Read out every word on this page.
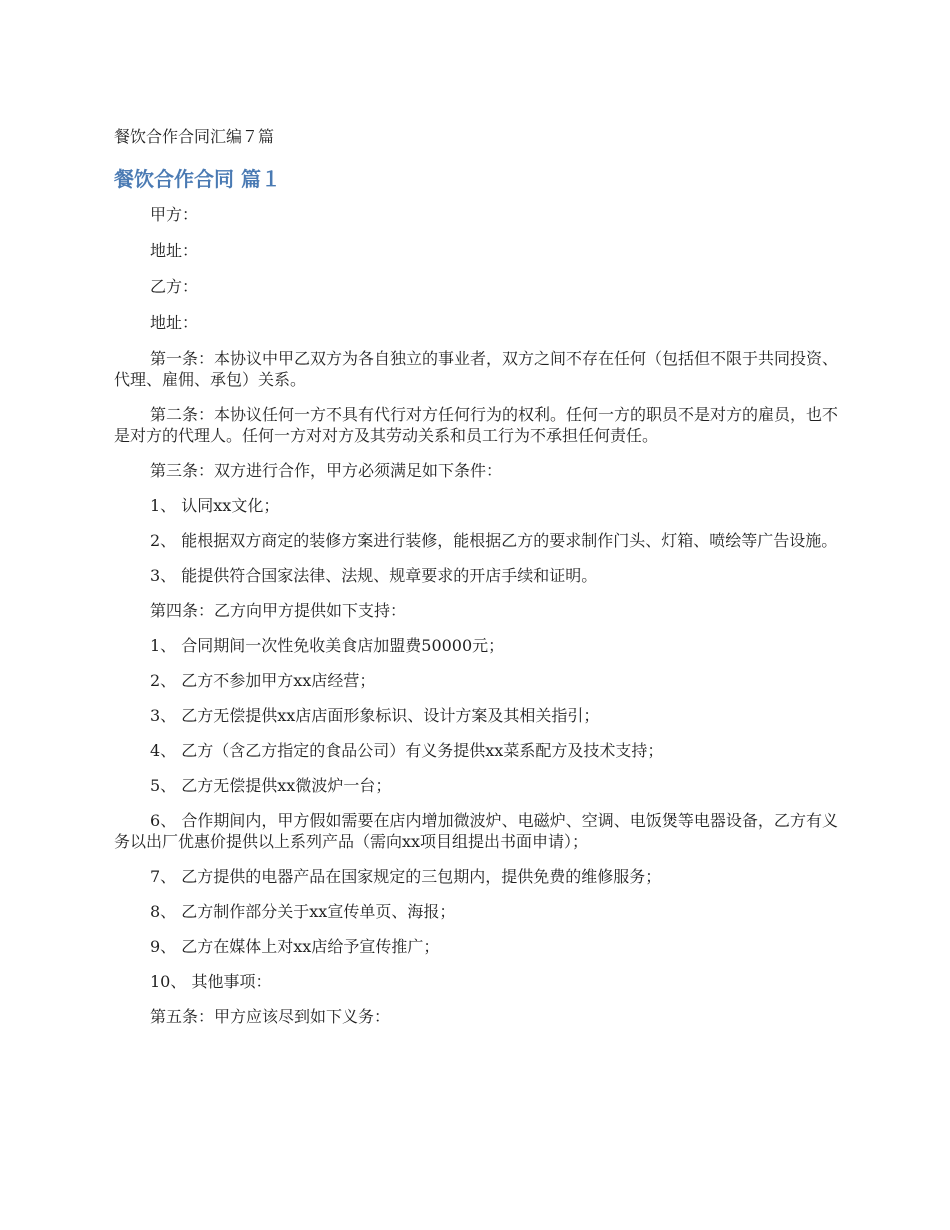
餐饮合作合同汇编７篇

餐饮合作合同 篇１

甲方：

地址：

乙方：

地址：

第一条：本协议中甲乙双方为各自独立的事业者，双方之间不存在任何（包括但不限于共同投资、代理、雇佣、承包）关系。

第二条：本协议任何一方不具有代行对方任何行为的权利。任何一方的职员不是对方的雇员，也不是对方的代理人。任何一方对对方及其劳动关系和员工行为不承担任何责任。

第三条：双方进行合作，甲方必须满足如下条件：

1、 认同xx文化；

2、 能根据双方商定的装修方案进行装修，能根据乙方的要求制作门头、灯箱、喷绘等广告设施。

3、 能提供符合国家法律、法规、规章要求的开店手续和证明。

第四条：乙方向甲方提供如下支持：

1、 合同期间一次性免收美食店加盟费50000元；

2、 乙方不参加甲方xx店经营；

3、 乙方无偿提供xx店店面形象标识、设计方案及其相关指引；

4、 乙方（含乙方指定的食品公司）有义务提供xx菜系配方及技术支持；

5、 乙方无偿提供xx微波炉一台；

6、 合作期间内，甲方假如需要在店内增加微波炉、电磁炉、空调、电饭煲等电器设备，乙方有义务以出厂优惠价提供以上系列产品（需向xx项目组提出书面申请）；

7、 乙方提供的电器产品在国家规定的三包期内，提供免费的维修服务；

8、 乙方制作部分关于xx宣传单页、海报；

9、 乙方在媒体上对xx店给予宣传推广；

10、 其他事项：

第五条：甲方应该尽到如下义务：
